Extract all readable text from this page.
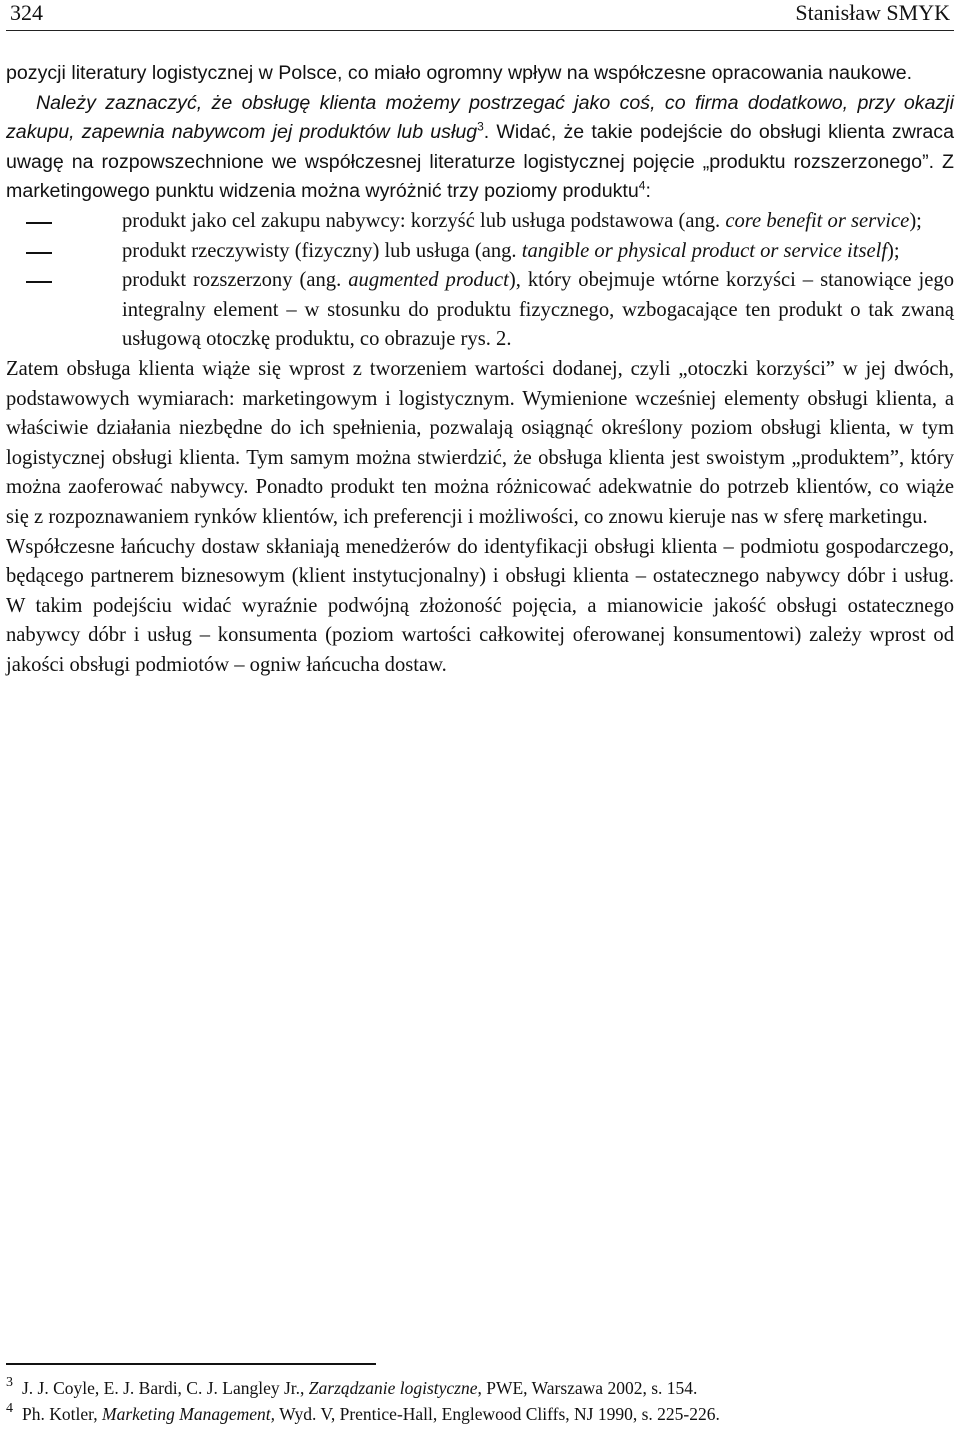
324	Stanisław SMYK

pozycji literatury logistycznej w Polsce, co miało ogromny wpływ na współczesne opracowania naukowe.

Należy zaznaczyć, że obsługę klienta możemy postrzegać jako coś, co firma dodatkowo, przy okazji zakupu, zapewnia nabywcom jej produktów lub usług$^3$. Widać, że takie podejście do obsługi klienta zwraca uwagę na rozpowszechnione we współczesnej literaturze logistycznej pojęcie „produktu rozszerzonego”. Z marketingowego punktu widzenia można wyróżnić trzy poziomy produktu$^4$:

produkt jako cel zakupu nabywcy: korzyść lub usługa podstawowa (ang. core benefit or service);
produkt rzeczywisty (fizyczny) lub usługa (ang. tangible or physical product or service itself);
produkt rozszerzony (ang. augmented product), który obejmuje wtórne korzyści – stanowiące jego integralny element – w stosunku do produktu fizycznego, wzbogacające ten produkt o tak zwaną usługową otoczkę produktu, co obrazuje rys. 2.

Zatem obsługa klienta wiąże się wprost z tworzeniem wartości dodanej, czyli „otoczki korzyści” w jej dwóch, podstawowych wymiarach: marketingowym i logistycznym. Wymienione wcześniej elementy obsługi klienta, a właściwie działania niezbędne do ich spełnienia, pozwalają osiągnąć określony poziom obsługi klienta, w tym logistycznej obsługi klienta. Tym samym można stwierdzić, że obsługa klienta jest swoistym „produktem”, który można zaoferować nabywcy. Ponadto produkt ten można różnicować adekwatnie do potrzeb klientów, co wiąże się z rozpoznawaniem rynków klientów, ich preferencji i możliwości, co znowu kieruje nas w sferę marketingu.

Współczesne łańcuchy dostaw skłaniają menedżerów do identyfikacji obsługi klienta – podmiotu gospodarczego, będącego partnerem biznesowym (klient instytucjonalny) i obsługi klienta – ostatecznego nabywcy dóbr i usług. W takim podejściu widać wyraźnie podwójną złożoność pojęcia, a mianowicie jakość obsługi ostatecznego nabywcy dóbr i usług – konsumenta (poziom wartości całkowitej oferowanej konsumentowi) zależy wprost od jakości obsługi podmiotów – ogniw łańcucha dostaw.

3 J. J. Coyle, E. J. Bardi, C. J. Langley Jr., Zarządzanie logistyczne, PWE, Warszawa 2002, s. 154.
4 Ph. Kotler, Marketing Management, Wyd. V, Prentice-Hall, Englewood Cliffs, NJ 1990, s. 225-226.
